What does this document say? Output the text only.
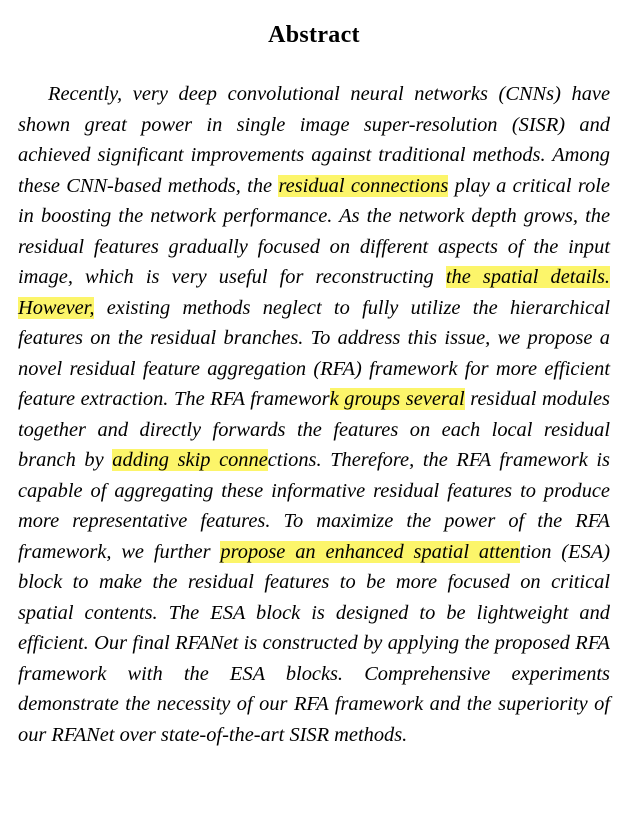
Abstract

Recently, very deep convolutional neural networks (CNNs) have shown great power in single image super-resolution (SISR) and achieved significant improvements against traditional methods. Among these CNN-based methods, the residual connections play a critical role in boosting the network performance. As the network depth grows, the residual features gradually focused on different aspects of the input image, which is very useful for reconstructing the spatial details. However, existing methods neglect to fully utilize the hierarchical features on the residual branches. To address this issue, we propose a novel residual feature aggregation (RFA) framework for more efficient feature extraction. The RFA framework groups several residual modules together and directly forwards the features on each local residual branch by adding skip connections. Therefore, the RFA framework is capable of aggregating these informative residual features to produce more representative features. To maximize the power of the RFA framework, we further propose an enhanced spatial attention (ESA) block to make the residual features to be more focused on critical spatial contents. The ESA block is designed to be lightweight and efficient. Our final RFANet is constructed by applying the proposed RFA framework with the ESA blocks. Comprehensive experiments demonstrate the necessity of our RFA framework and the superiority of our RFANet over state-of-the-art SISR methods.
